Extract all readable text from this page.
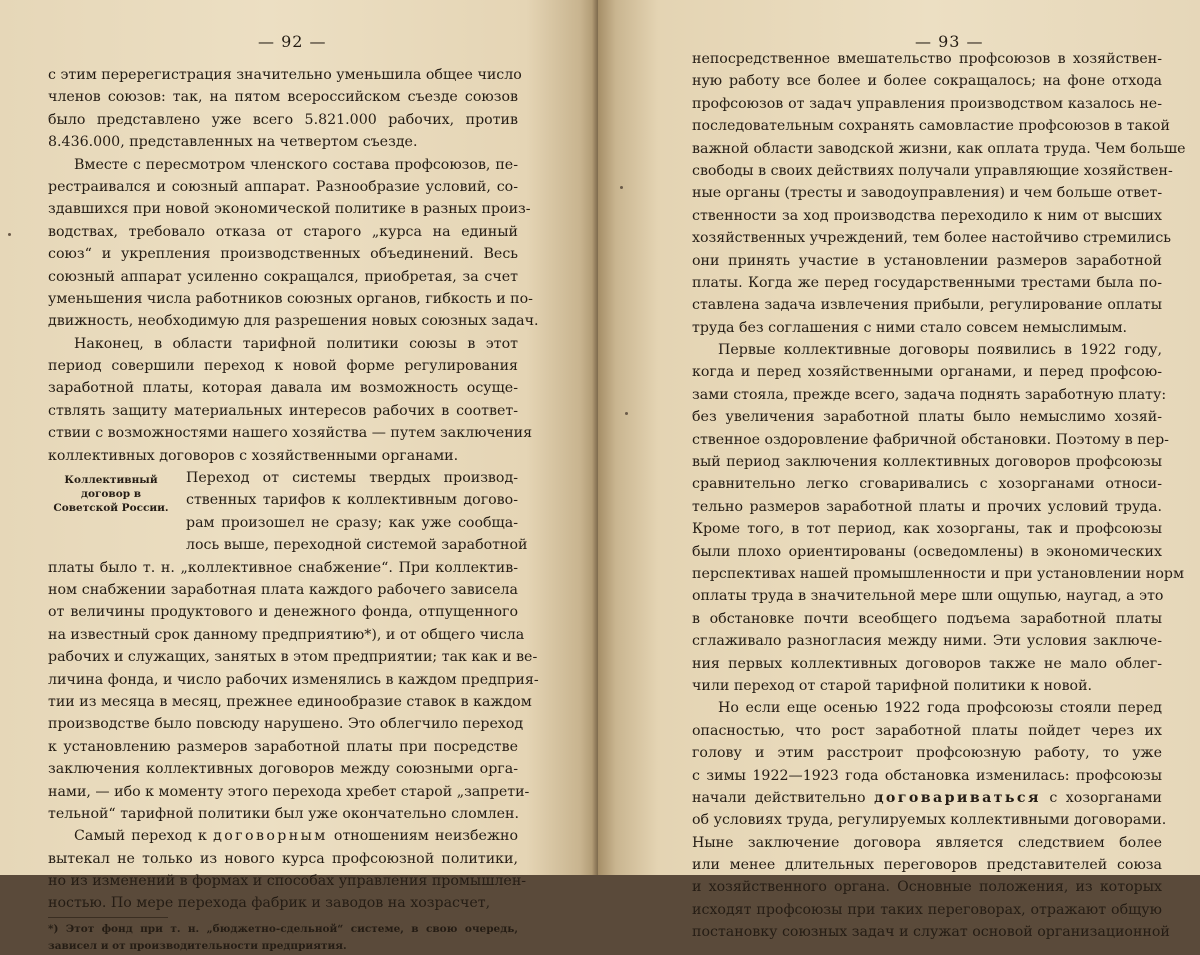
— 92 —
с этим перерегистрация значительно уменьшила общее число
членов союзов: так, на пятом всероссийском съезде союзов
было представлено уже всего 5.821.000 рабочих, против
8.436.000, представленных на четвертом съезде.
Вместе с пересмотром членского состава профсоюзов, пе-
рестраивался и союзный аппарат. Разнообразие условий, со-
здавшихся при новой экономической политике в разных произ-
водствах, требовало отказа от старого „курса на единый
союз“ и укрепления производственных объединений. Весь
союзный аппарат усиленно сокращался, приобретая, за счет
уменьшения числа работников союзных органов, гибкость и по-
движность, необходимую для разрешения новых союзных задач.
Наконец, в области тарифной политики союзы в этот
период совершили переход к новой форме регулирования
заработной платы, которая давала им возможность осуще-
ствлять защиту материальных интересов рабочих в соответ-
ствии с возможностями нашего хозяйства — путем заключения
коллективных договоров с хозяйственными органами.
Коллективный договор в Советской России.
Переход от системы твердых производ-
ственных тарифов к коллективным догово-
рам произошел не сразу; как уже сообща-
лось выше, переходной системой заработной
платы было т. н. „коллективное снабжение“. При коллектив-
ном снабжении заработная плата каждого рабочего зависела
от величины продуктового и денежного фонда, отпущенного
на известный срок данному предприятию*), и от общего числа
рабочих и служащих, занятых в этом предприятии; так как и ве-
личина фонда, и число рабочих изменялись в каждом предприя-
тии из месяца в месяц, прежнее единообразие ставок в каждом
производстве было повсюду нарушено. Это облегчило переход
к установлению размеров заработной платы при посредстве
заключения коллективных договоров между союзными орга-
нами, — ибо к моменту этого перехода хребет старой „запрети-
тельной“ тарифной политики был уже окончательно сломлен.
Самый переход к договорным отношениям неизбежно
вытекал не только из нового курса профсоюзной политики,
но из изменений в формах и способах управления промышлен-
ностью. По мере перехода фабрик и заводов на хозрасчет,
*) Этот фонд при т. н. „бюджетно-сдельной“ системе, в свою очередь,
зависел и от производительности предприятия.
— 93 —
непосредственное вмешательство профсоюзов в хозяйствен-
ную работу все более и более сокращалось; на фоне отхода
профсоюзов от задач управления производством казалось не-
последовательным сохранять самовластие профсоюзов в такой
важной области заводской жизни, как оплата труда. Чем больше
свободы в своих действиях получали управляющие хозяйствен-
ные органы (тресты и заводоуправления) и чем больше ответ-
ственности за ход производства переходило к ним от высших
хозяйственных учреждений, тем более настойчиво стремились
они принять участие в установлении размеров заработной
платы. Когда же перед государственными трестами была по-
ставлена задача извлечения прибыли, регулирование оплаты
труда без соглашения с ними стало совсем немыслимым.
Первые коллективные договоры появились в 1922 году,
когда и перед хозяйственными органами, и перед профсою-
зами стояла, прежде всего, задача поднять заработную плату:
без увеличения заработной платы было немыслимо хозяй-
ственное оздоровление фабричной обстановки. Поэтому в пер-
вый период заключения коллективных договоров профсоюзы
сравнительно легко сговаривались с хозорганами относи-
тельно размеров заработной платы и прочих условий труда.
Кроме того, в тот период, как хозорганы, так и профсоюзы
были плохо ориентированы (осведомлены) в экономических
перспективах нашей промышленности и при установлении норм
оплаты труда в значительной мере шли ощупью, наугад, а это
в обстановке почти всеобщего подъема заработной платы
сглаживало разногласия между ними. Эти условия заключе-
ния первых коллективных договоров также не мало облег-
чили переход от старой тарифной политики к новой.
Но если еще осенью 1922 года профсоюзы стояли перед
опасностью, что рост заработной платы пойдет через их
голову и этим расстроит профсоюзную работу, то уже
с зимы 1922—1923 года обстановка изменилась: профсоюзы
начали действительно договариваться с хозорганами
об условиях труда, регулируемых коллективными договорами.
Ныне заключение договора является следствием более
или менее длительных переговоров представителей союза
и хозяйственного органа. Основные положения, из которых
исходят профсоюзы при таких переговорах, отражают общую
постановку союзных задач и служат основой организационной
